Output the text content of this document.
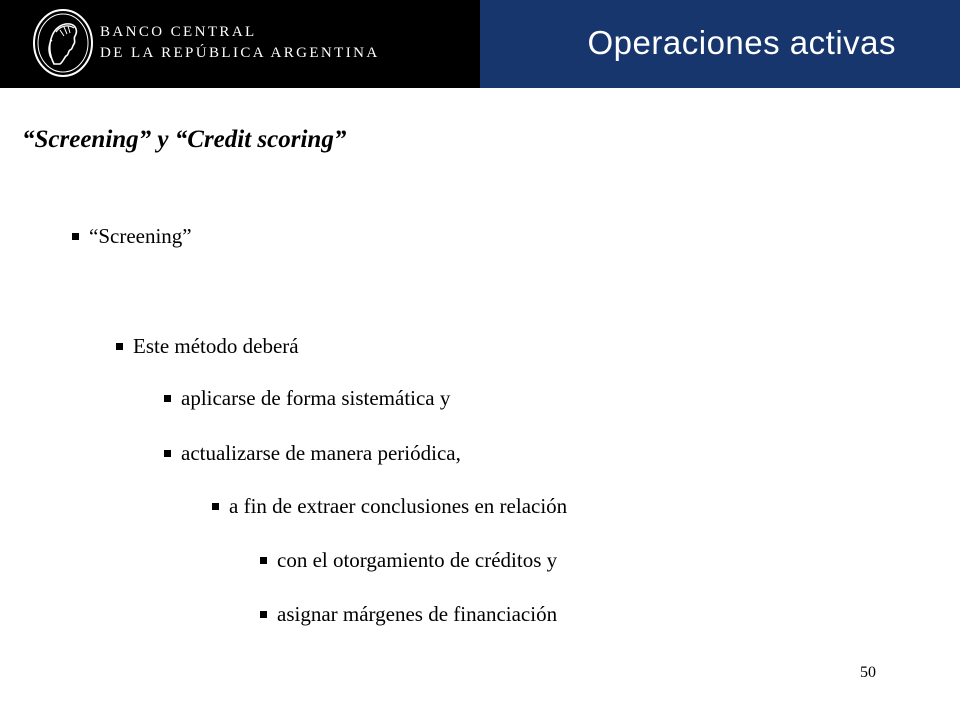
BANCO CENTRAL
DE LA REPÚBLICA ARGENTINA	Operaciones activas
“Screening” y “Credit scoring”
“Screening”
Este método deberá
aplicarse de forma sistemática y
actualizarse de manera periódica,
a fin de extraer conclusiones en relación
con el otorgamiento de créditos y
asignar márgenes de financiación
50
